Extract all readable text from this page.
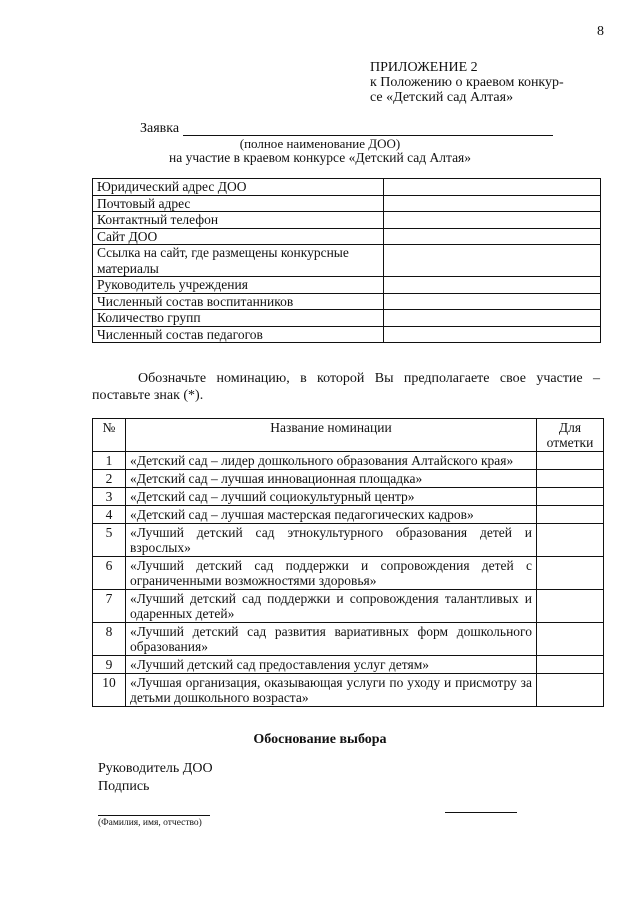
8
ПРИЛОЖЕНИЕ 2
к Положению о краевом конкур-
се «Детский сад Алтая»
Заявка
(полное наименование ДОО)
на участие в краевом конкурсе «Детский сад Алтая»
Юридический адрес ДОО	
Почтовый адрес	
Контактный телефон	
Сайт ДОО	
Ссылка на сайт, где размещены конкурсные материалы	
Руководитель учреждения	
Численный состав воспитанников	
Количество групп	
Численный состав педагогов	

Обозначьте номинацию, в которой Вы предполагаете свое участие – поставьте знак (*).

№	Название номинации	Для отметки
1	«Детский сад – лидер дошкольного образования Алтайского края»	
2	«Детский сад – лучшая инновационная площадка»	
3	«Детский сад – лучший социокультурный центр»	
4	«Детский сад – лучшая мастерская педагогических кадров»	
5	«Лучший детский сад этнокультурного образования детей и взрослых»	
6	«Лучший детский сад поддержки и сопровождения детей с ограниченными возможностями здоровья»	
7	«Лучший детский сад поддержки и сопровождения талантливых и одаренных детей»	
8	«Лучший детский сад развития вариативных форм дошкольного образования»	
9	«Лучший детский сад предоставления услуг детям»	
10	«Лучшая организация, оказывающая услуги по уходу и присмотру за детьми дошкольного возраста»	
Обоснование выбора
Руководитель ДОО
Подпись
(Фамилия, имя, отчество)
